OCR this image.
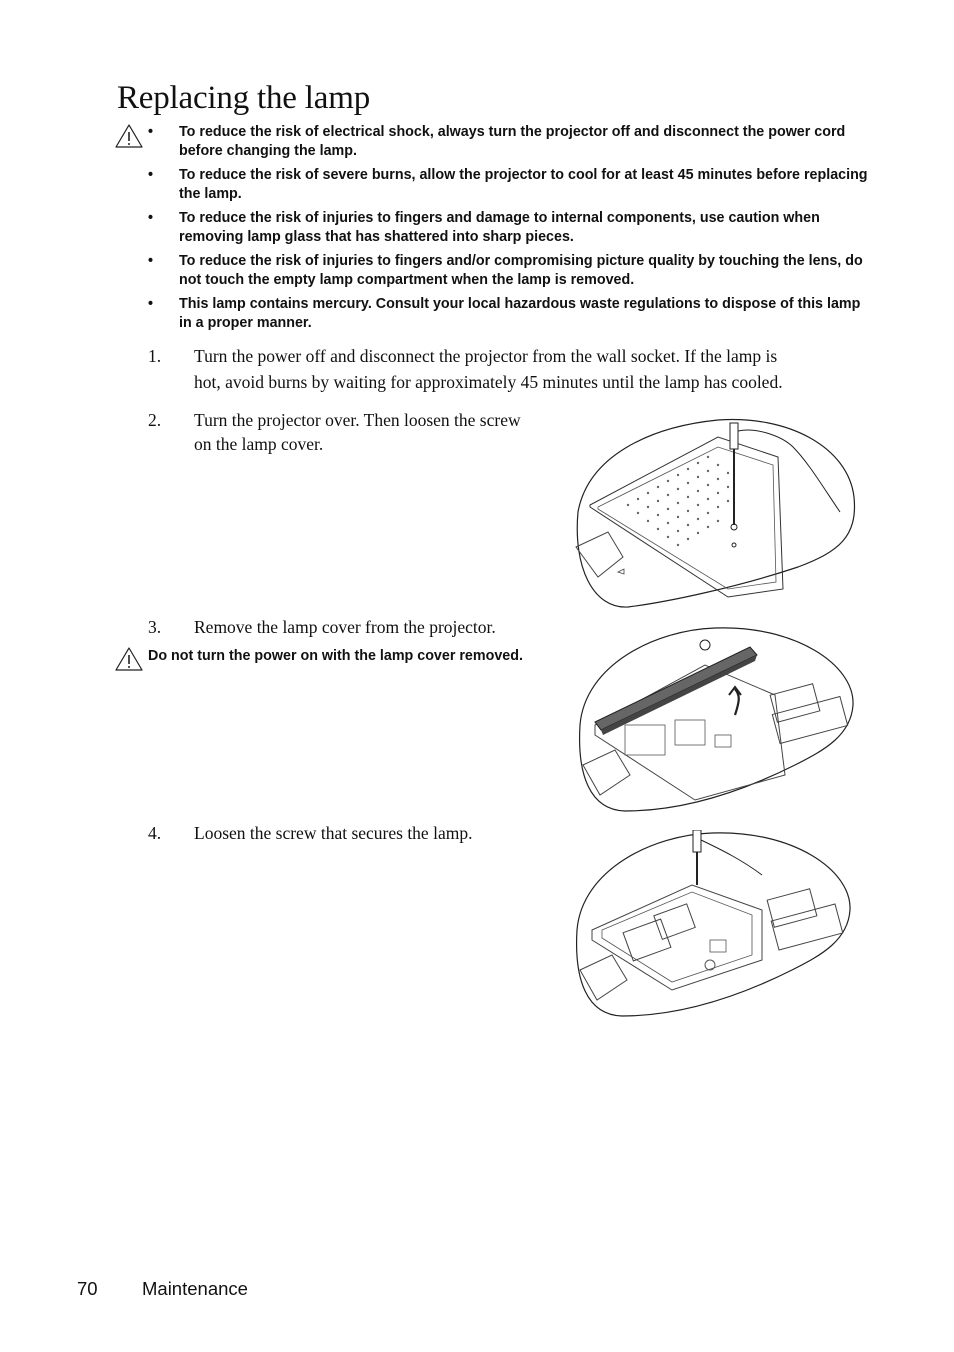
Replacing the lamp
•	To reduce the risk of electrical shock, always turn the projector off and disconnect the power cord before changing the lamp.
•	To reduce the risk of severe burns, allow the projector to cool for at least 45 minutes before replacing the lamp.
•	To reduce the risk of injuries to fingers and damage to internal components, use caution when removing lamp glass that has shattered into sharp pieces.
•	To reduce the risk of injuries to fingers and/or compromising picture quality by touching the lens, do not touch the empty lamp compartment when the lamp is removed.
•	This lamp contains mercury. Consult your local hazardous waste regulations to dispose of this lamp in a proper manner.
1. Turn the power off and disconnect the projector from the wall socket. If the lamp is
hot, avoid burns by waiting for approximately 45 minutes until the lamp has cooled.
2. Turn the projector over. Then loosen the screw
on the lamp cover.
3. Remove the lamp cover from the projector.
Do not turn the power on with the lamp cover removed.
4. Loosen the screw that secures the lamp.
70 Maintenance
